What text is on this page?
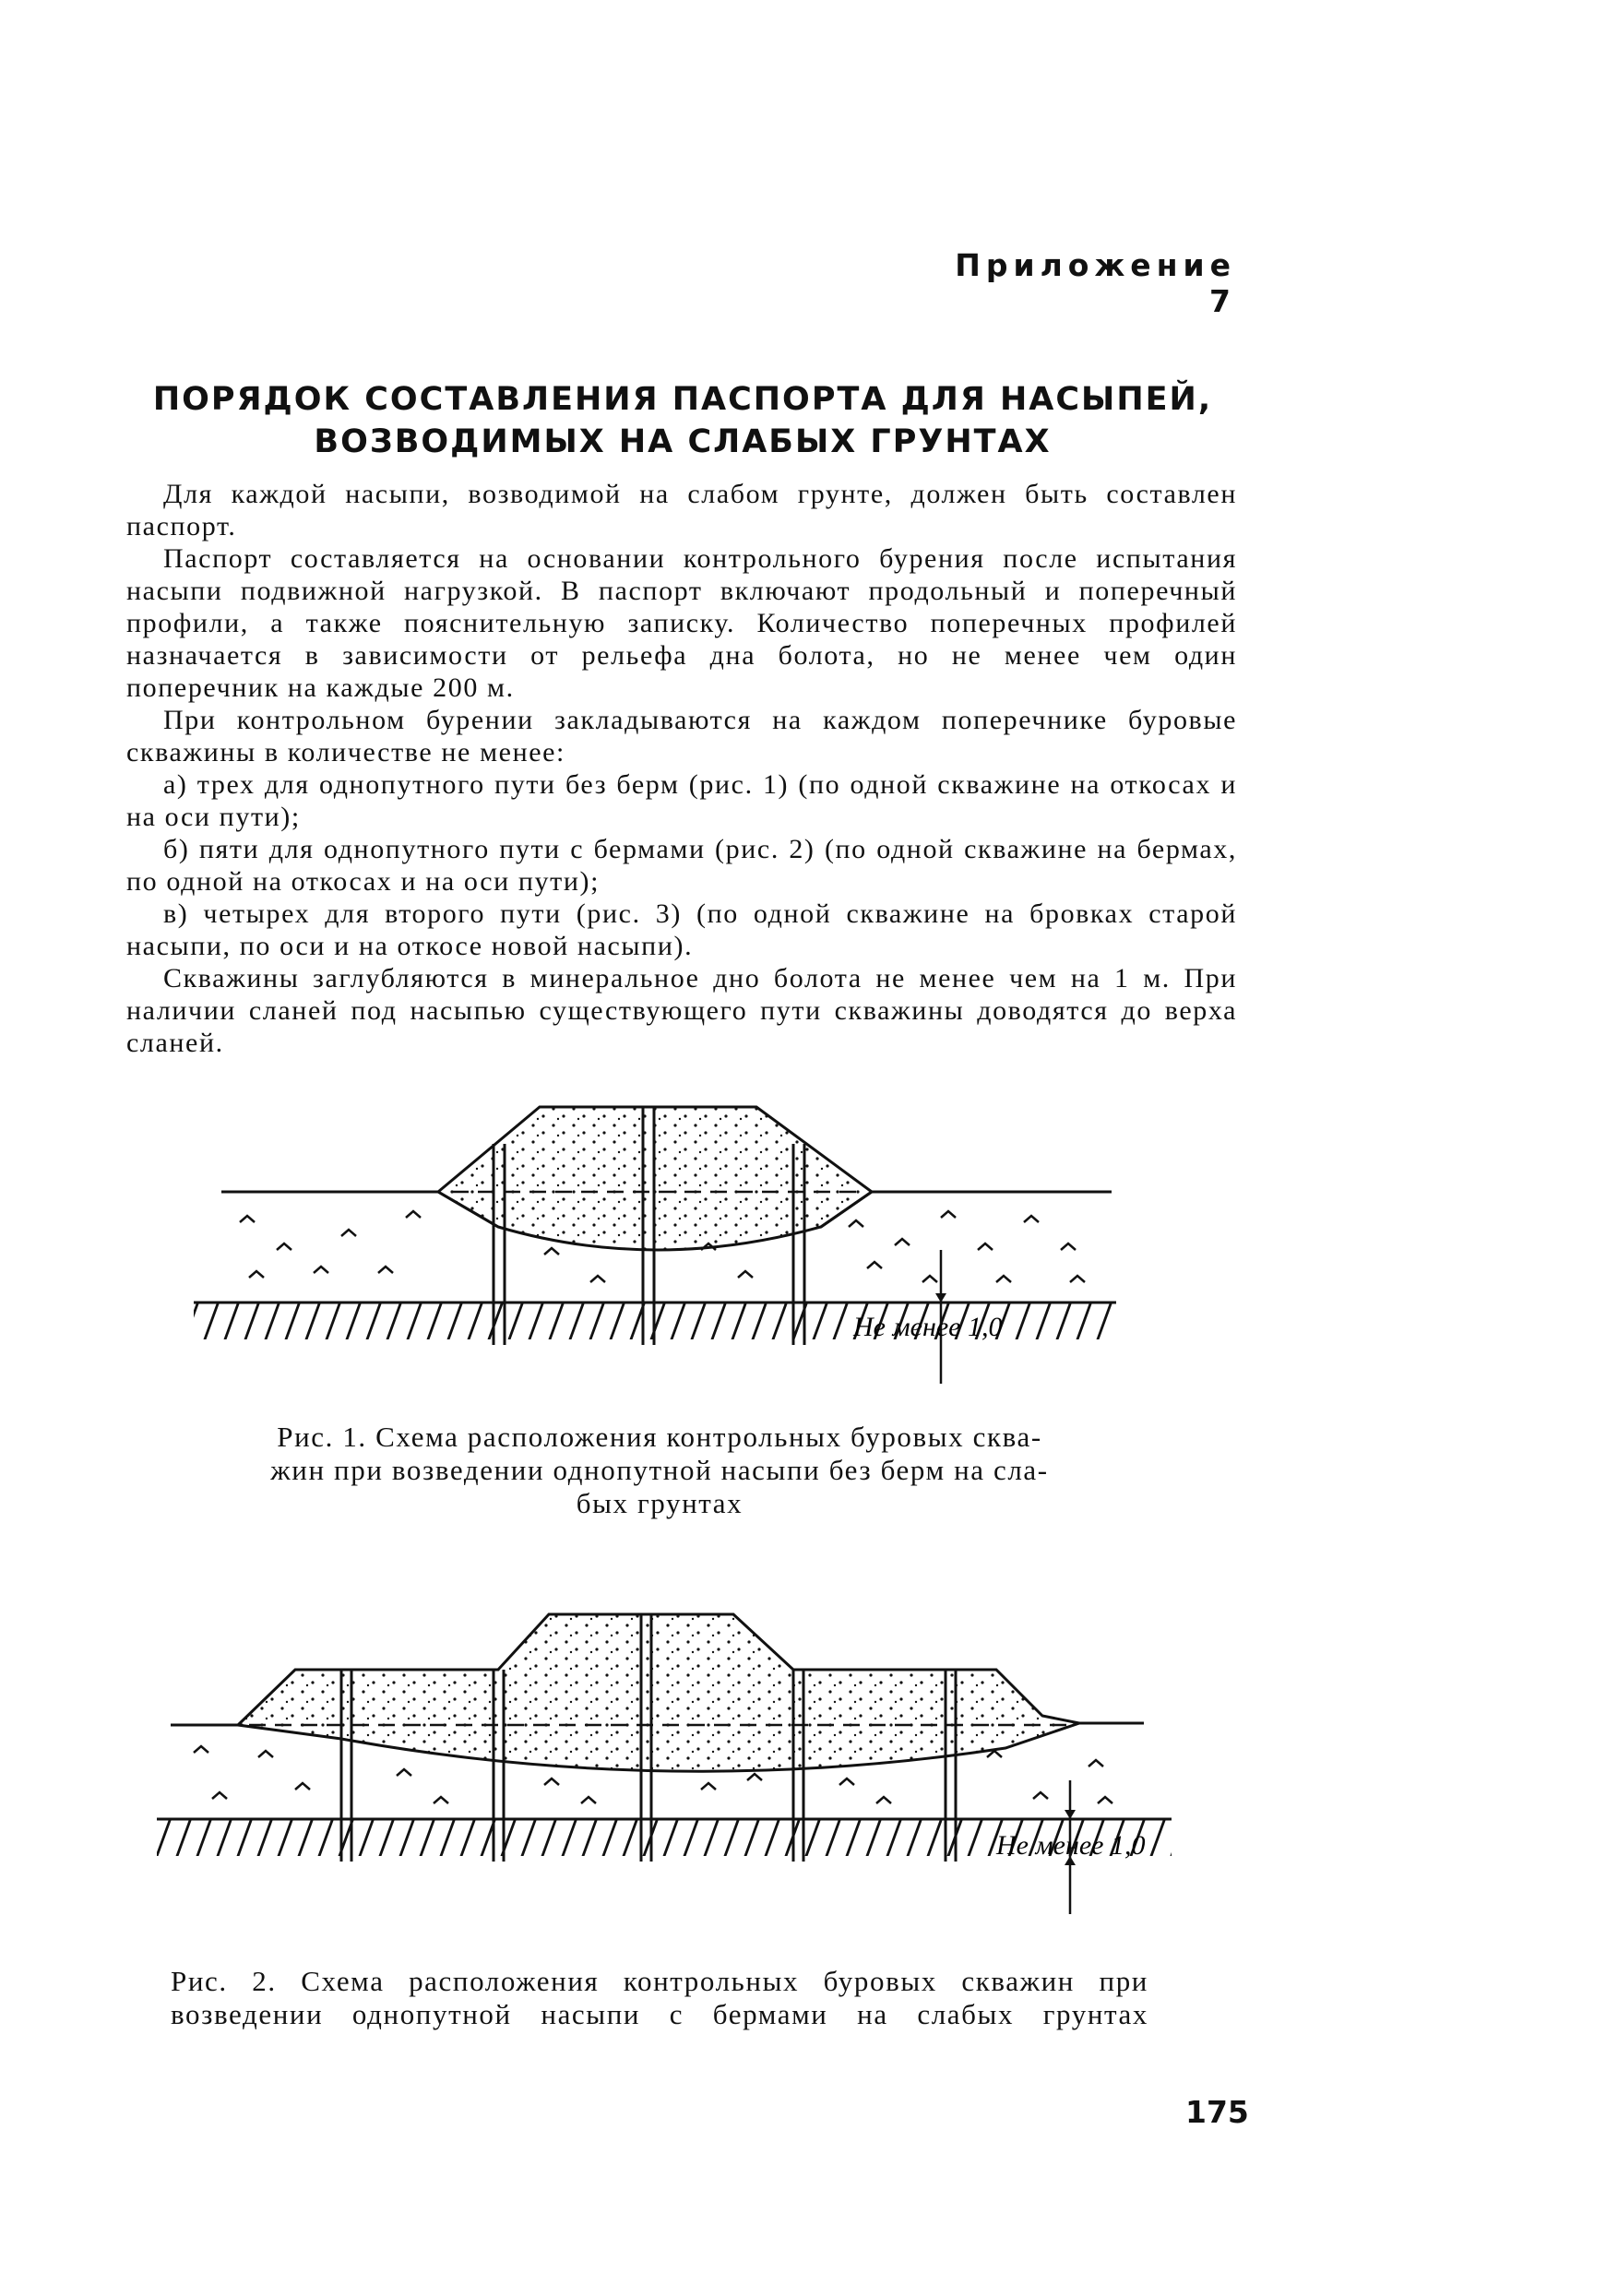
Приложение 7
ПОРЯДОК СОСТАВЛЕНИЯ ПАСПОРТА ДЛЯ НАСЫПЕЙ,
ВОЗВОДИМЫХ НА СЛАБЫХ ГРУНТАХ

Для каждой насыпи, возводимой на слабом грунте, должен быть составлен паспорт.

Паспорт составляется на основании контрольного бурения после испытания насыпи подвижной нагрузкой. В паспорт включают продольный и поперечный профили, а также пояснительную записку. Количество поперечных профилей назначается в зависимости от рельефа дна болота, но не менее чем один поперечник на каждые 200 м.

При контрольном бурении закладываются на каждом поперечнике буровые скважины в количестве не менее:

а) трех для однопутного пути без берм (рис. 1) (по одной скважине на откосах и на оси пути);

б) пяти для однопутного пути с бермами (рис. 2) (по одной скважине на бермах, по одной на откосах и на оси пути);

в) четырех для второго пути (рис. 3) (по одной скважине на бровках старой насыпи, по оси и на откосе новой насыпи).

Скважины заглубляются в минеральное дно болота не менее чем на 1 м. При наличии сланей под насыпью существующего пути скважины доводятся до верха сланей.

Не менее 1,0

Рис. 1. Схема расположения контрольных буровых сква-

жин при возведении однопутной насыпи без берм на сла-

бых грунтах

Не менее 1,0

Рис. 2. Схема расположения контрольных буровых скважин при

возведении однопутной насыпи с бермами на слабых грунтах

175
